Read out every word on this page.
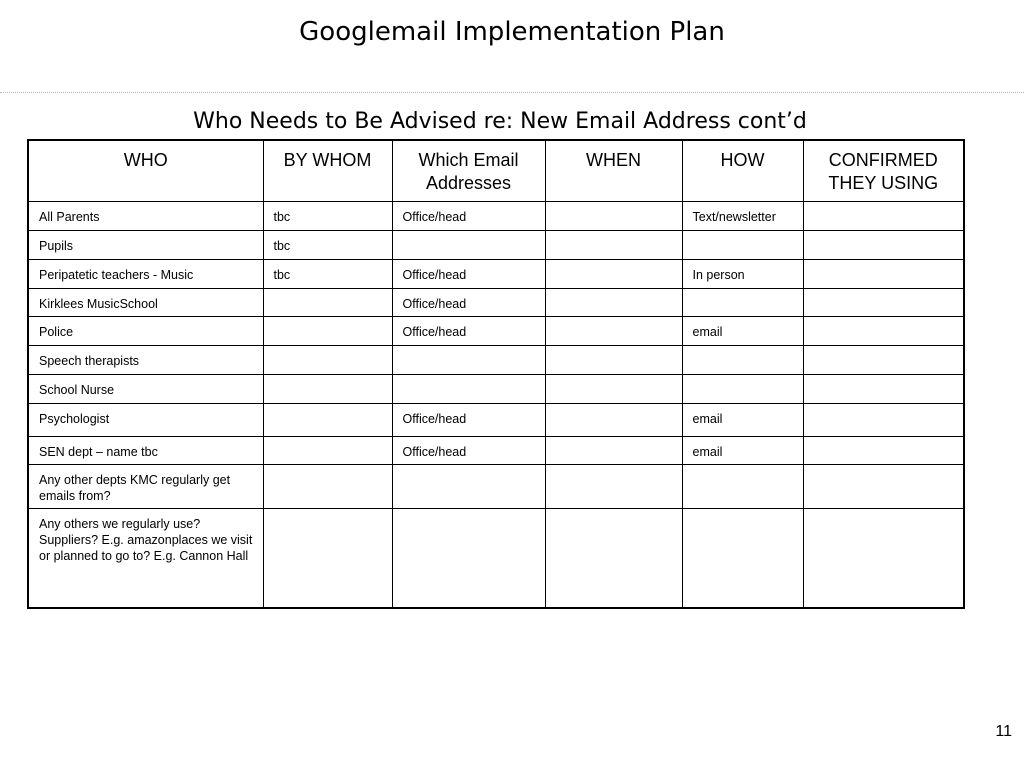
Googlemail Implementation Plan
Who Needs to Be Advised re: New Email Address cont’d
WHO	BY WHOM	Which Email Addresses	WHEN	HOW	CONFIRMED THEY USING
All Parents	tbc	Office/head		Text/newsletter	
Pupils	tbc				
Peripatetic teachers - Music	tbc	Office/head		In person	
Kirklees MusicSchool		Office/head			
Police		Office/head		email	
Speech therapists					
School Nurse					
Psychologist		Office/head		email	
SEN dept – name tbc		Office/head		email	
Any other depts KMC regularly get emails from?					
Any others we regularly use? Suppliers? E.g. amazonplaces we visit or planned to go to? E.g. Cannon Hall					
11
